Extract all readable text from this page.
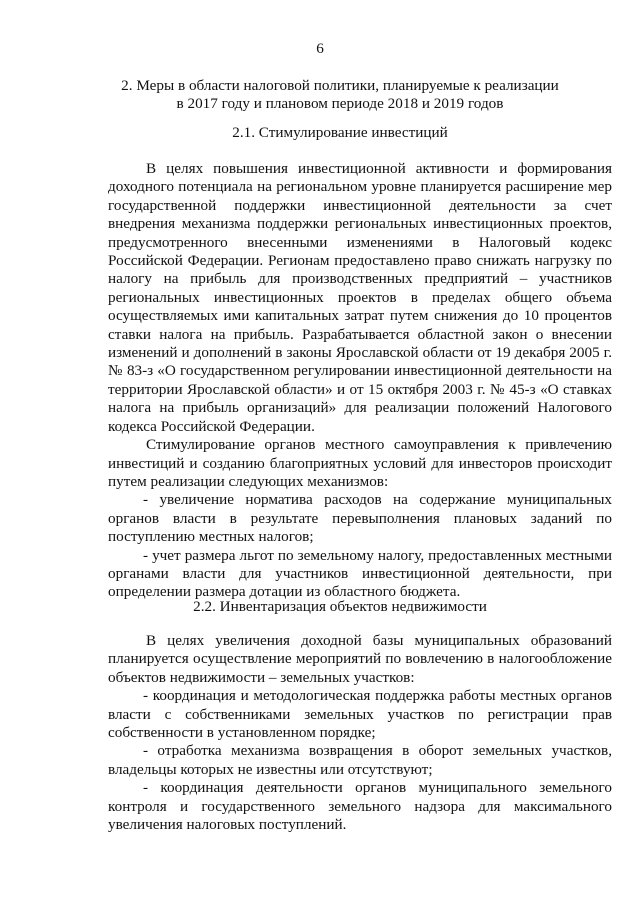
6
2. Меры в области налоговой политики, планируемые к реализации
в 2017 году и плановом периоде 2018 и 2019 годов
2.1. Стимулирование инвестиций

В целях повышения инвестиционной активности и формирования доходного потенциала на региональном уровне планируется расширение мер государственной поддержки инвестиционной деятельности за счет внедрения механизма поддержки региональных инвестиционных проектов, предусмотренного внесенными изменениями в Налоговый кодекс Российской Федерации. Регионам предоставлено право снижать нагрузку по налогу на прибыль для производственных предприятий – участников региональных инвестиционных проектов в пределах общего объема осуществляемых ими капитальных затрат путем снижения до 10 процентов ставки налога на прибыль. Разрабатывается областной закон о внесении изменений и дополнений в законы Ярославской области от 19 декабря 2005 г. № 83-з «О государственном регулировании инвестиционной деятельности на территории Ярославской области» и от 15 октября 2003 г. № 45-з «О ставках налога на прибыль организаций» для реализации положений Налогового кодекса Российской Федерации.

Стимулирование органов местного самоуправления к привлечению инвестиций и созданию благоприятных условий для инвесторов происходит путем реализации следующих механизмов:

- увеличение норматива расходов на содержание муниципальных органов власти в результате перевыполнения плановых заданий по поступлению местных налогов;

- учет размера льгот по земельному налогу, предоставленных местными органами власти для участников инвестиционной деятельности, при определении размера дотации из областного бюджета.

2.2. Инвентаризация объектов недвижимости

В целях увеличения доходной базы муниципальных образований планируется осуществление мероприятий по вовлечению в налогообложение объектов недвижимости – земельных участков:

- координация и методологическая поддержка работы местных органов власти с собственниками земельных участков по регистрации прав собственности в установленном порядке;

- отработка механизма возвращения в оборот земельных участков, владельцы которых не известны или отсутствуют;

- координация деятельности органов муниципального земельного контроля и государственного земельного надзора для максимального увеличения налоговых поступлений.
